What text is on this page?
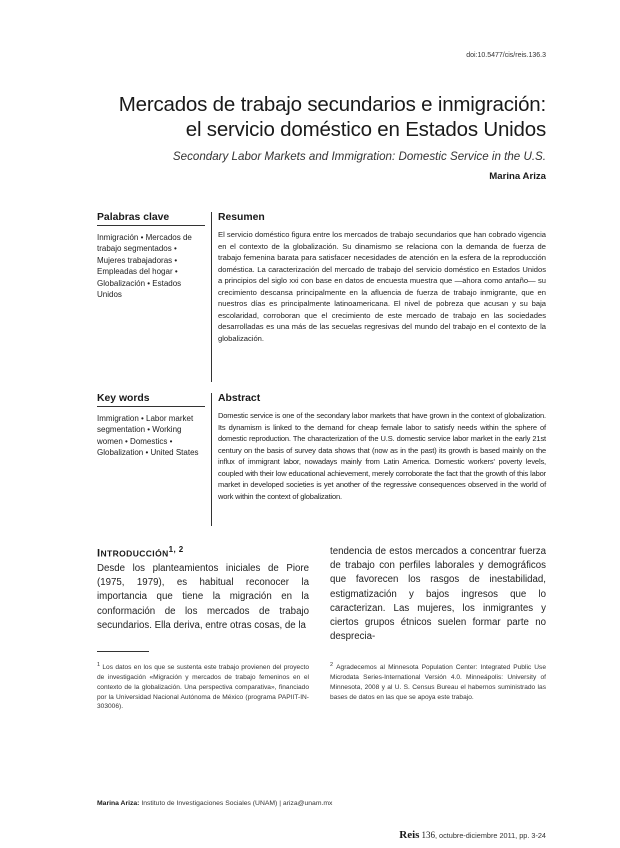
doi:10.5477/cis/reis.136.3
Mercados de trabajo secundarios e inmigración:
el servicio doméstico en Estados Unidos
Secondary Labor Markets and Immigration: Domestic Service in the U.S.
Marina Ariza
Palabras clave
Inmigración • Mercados de trabajo segmentados • Mujeres trabajadoras • Empleadas del hogar • Globalización • Estados Unidos
Resumen
El servicio doméstico figura entre los mercados de trabajo secundarios que han cobrado vigencia en el contexto de la globalización. Su dinamismo se relaciona con la demanda de fuerza de trabajo femenina barata para satisfacer necesidades de atención en la esfera de la reproducción doméstica. La caracterización del mercado de trabajo del servicio doméstico en Estados Unidos a principios del siglo xxi con base en datos de encuesta muestra que —ahora como antaño— su crecimiento descansa principalmente en la afluencia de fuerza de trabajo inmigrante, que en nuestros días es principalmente latinoamericana. El nivel de pobreza que acusan y su baja escolaridad, corroboran que el crecimiento de este mercado de trabajo en las sociedades desarrolladas es una más de las secuelas regresivas del mundo del trabajo en el contexto de la globalización.
Key words
Immigration • Labor market segmentation • Working women • Domestics • Globalization • United States
Abstract
Domestic service is one of the secondary labor markets that have grown in the context of globalization. Its dynamism is linked to the demand for cheap female labor to satisfy needs within the sphere of domestic reproduction. The characterization of the U.S. domestic service labor market in the early 21st century on the basis of survey data shows that (now as in the past) its growth is based mainly on the influx of immigrant labor, nowadays mainly from Latin America. Domestic workers' poverty levels, coupled with their low educational achievement, merely corroborate the fact that the growth of this labor market in developed societies is yet another of the regressive consequences observed in the world of work within the context of globalization.
INTRODUCCIÓN$^{1, 2}$
Desde los planteamientos iniciales de Piore (1975, 1979), es habitual reconocer la importancia que tiene la migración en la conformación de los mercados de trabajo secundarios. Ella deriva, entre otras cosas, de la
tendencia de estos mercados a concentrar fuerza de trabajo con perfiles laborales y demográficos que favorecen los rasgos de inestabilidad, estigmatización y bajos ingresos que lo caracterizan. Las mujeres, los inmigrantes y ciertos grupos étnicos suelen formar parte no desprecia-
$^1$ Los datos en los que se sustenta este trabajo provienen del proyecto de investigación «Migración y mercados de trabajo femeninos en el contexto de la globalización. Una perspectiva comparativa», financiado por la Universidad Nacional Autónoma de México (programa PAPIIT-IN-303006).
$^2$ Agradecemos al Minnesota Population Center: Integrated Public Use Microdata Series-International Versión 4.0. Minneápolis: University of Minnesota, 2008 y al U. S. Census Bureau el habernos suministrado las bases de datos en las que se apoya este trabajo.
Marina Ariza: Instituto de Investigaciones Sociales (UNAM) | ariza@unam.mx
Reis 136, octubre-diciembre 2011, pp. 3-24
